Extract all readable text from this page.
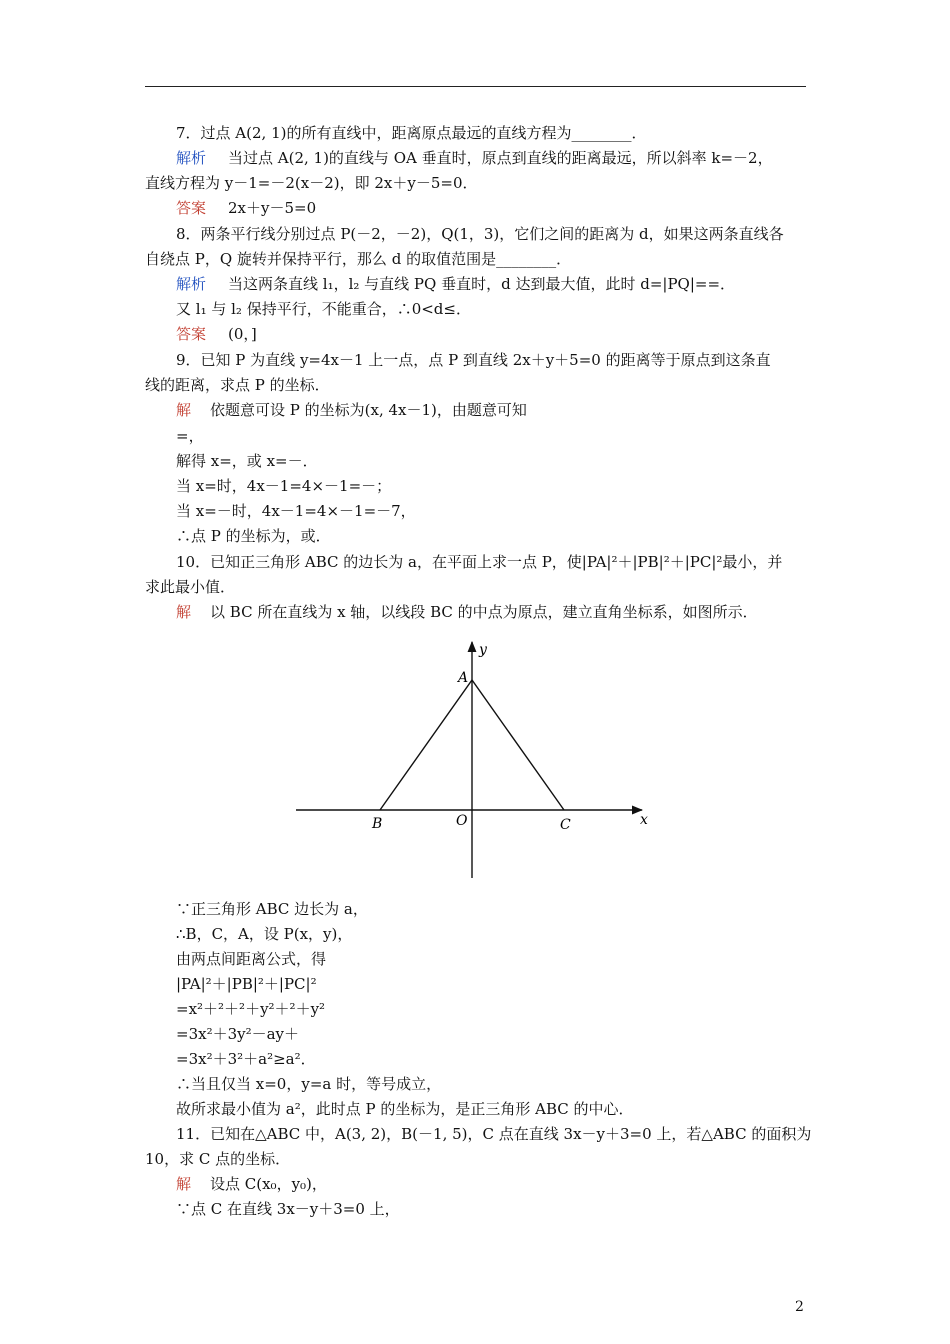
7．过点 A(2, 1)的所有直线中，距离原点最远的直线方程为________．
解析 当过点 A(2, 1)的直线与 OA 垂直时，原点到直线的距离最远，所以斜率 k=－2，
直线方程为 y－1=－2(x－2)，即 2x＋y－5=0．
答案 2x＋y－5=0
8．两条平行线分别过点 P(－2，－2)，Q(1，3)，它们之间的距离为 d，如果这两条直线各
自绕点 P，Q 旋转并保持平行，那么 d 的取值范围是________．
解析 当这两条直线 l₁，l₂ 与直线 PQ 垂直时，d 达到最大值，此时 d=|PQ|==．
又 l₁ 与 l₂ 保持平行，不能重合，∴0<d≤．
答案 (0，]
9．已知 P 为直线 y=4x－1 上一点，点 P 到直线 2x＋y＋5=0 的距离等于原点到这条直
线的距离，求点 P 的坐标．
解 依题意可设 P 的坐标为(x, 4x－1)，由题意可知
=，
解得 x=，或 x=－．
当 x=时，4x－1=4×－1=－；
当 x=－时，4x－1=4×－1=－7，
∴点 P 的坐标为，或．
10．已知正三角形 ABC 的边长为 a，在平面上求一点 P，使|PA|²＋|PB|²＋|PC|²最小，并
求此最小值．
解 以 BC 所在直线为 x 轴，以线段 BC 的中点为原点，建立直角坐标系，如图所示．
y
x
A
B	C
O
∵正三角形 ABC 边长为 a，
∴B，C，A，设 P(x，y)，
由两点间距离公式，得
|PA|²＋|PB|²＋|PC|²
=x²＋²＋²＋y²＋²＋y²
=3x²＋3y²－ay＋
=3x²＋3²＋a²≥a²．
∴当且仅当 x=0，y=a 时，等号成立，
故所求最小值为 a²，此时点 P 的坐标为，是正三角形 ABC 的中心．
11．已知在△ABC 中，A(3, 2)，B(－1, 5)，C 点在直线 3x－y＋3=0 上，若△ABC 的面积为
10，求 C 点的坐标．
解 设点 C(x₀，y₀)，
∵点 C 在直线 3x－y＋3=0 上，
2
